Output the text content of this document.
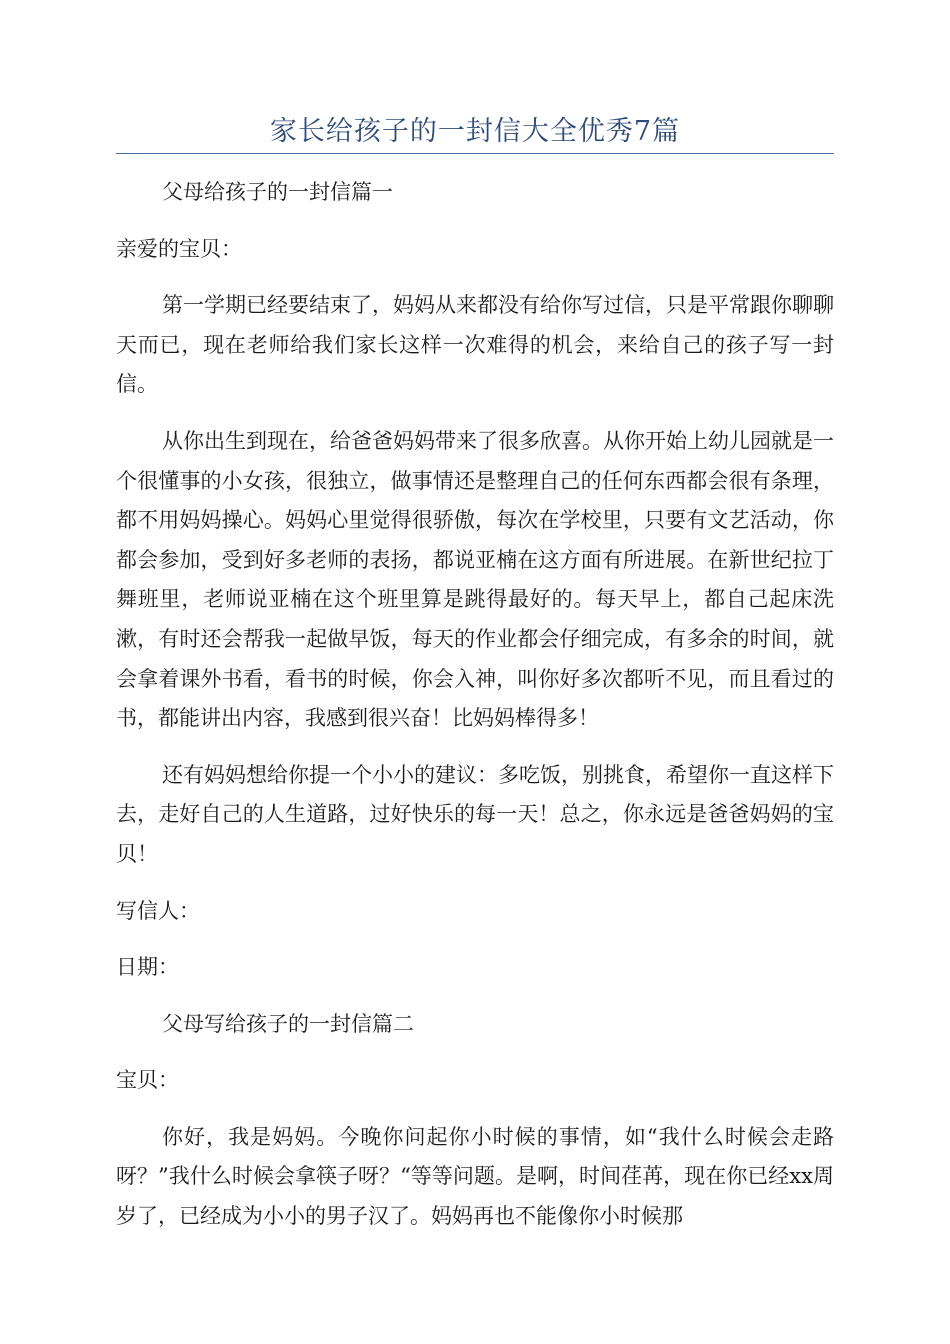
家长给孩子的一封信大全优秀7篇

父母给孩子的一封信篇一

亲爱的宝贝：

第一学期已经要结束了，妈妈从来都没有给你写过信，只是平常跟你聊聊天而已，现在老师给我们家长这样一次难得的机会，来给自己的孩子写一封信。

从你出生到现在，给爸爸妈妈带来了很多欣喜。从你开始上幼儿园就是一个很懂事的小女孩，很独立，做事情还是整理自己的任何东西都会很有条理，都不用妈妈操心。妈妈心里觉得很骄傲，每次在学校里，只要有文艺活动，你都会参加，受到好多老师的表扬，都说亚楠在这方面有所进展。在新世纪拉丁舞班里，老师说亚楠在这个班里算是跳得最好的。每天早上，都自己起床洗漱，有时还会帮我一起做早饭，每天的作业都会仔细完成，有多余的时间，就会拿着课外书看，看书的时候，你会入神，叫你好多次都听不见，而且看过的书，都能讲出内容，我感到很兴奋！比妈妈棒得多！

还有妈妈想给你提一个小小的建议：多吃饭，别挑食，希望你一直这样下去，走好自己的人生道路，过好快乐的每一天！总之，你永远是爸爸妈妈的宝贝！

写信人：

日期：

父母写给孩子的一封信篇二

宝贝：

你好，我是妈妈。今晚你问起你小时候的事情，如“我什么时候会走路呀？”我什么时候会拿筷子呀？“等等问题。是啊，时间荏苒，现在你已经xx周岁了，已经成为小小的男子汉了。妈妈再也不能像你小时候那
